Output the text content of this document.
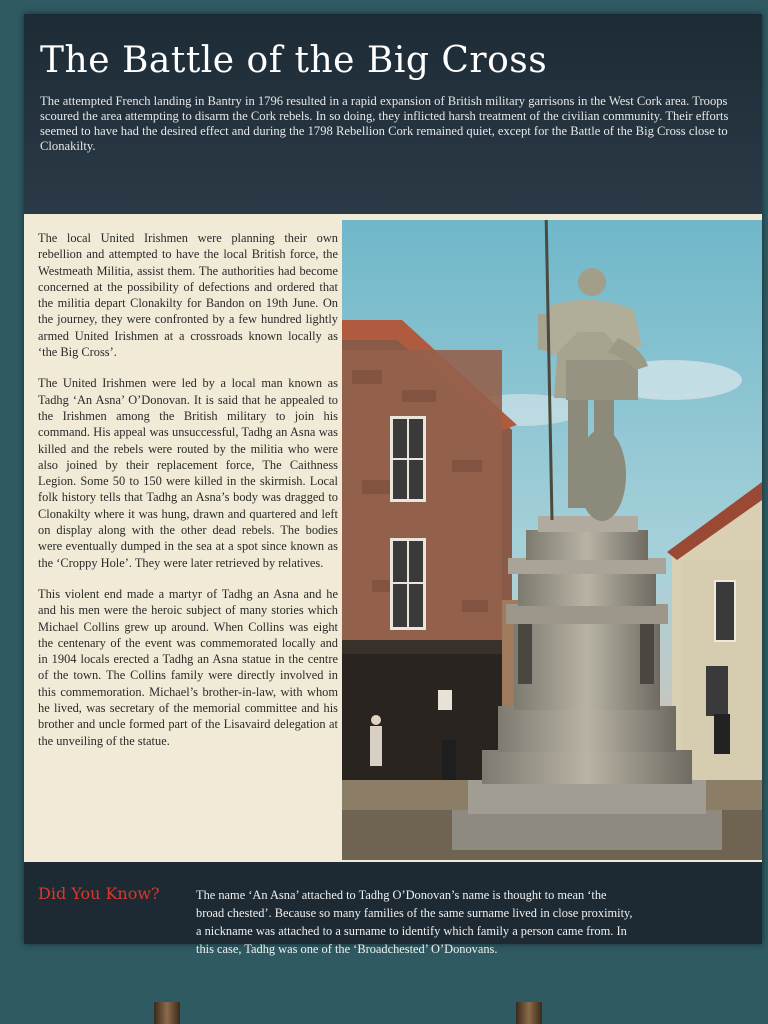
The Battle of the Big Cross

The attempted French landing in Bantry in 1796 resulted in a rapid expansion of British military garrisons in the West Cork area. Troops scoured the area attempting to disarm the Cork rebels. In so doing, they inflicted harsh treatment of the civilian community. Their efforts seemed to have had the desired effect and during the 1798 Rebellion Cork remained quiet, except for the Battle of the Big Cross close to Clonakilty.

The local United Irishmen were planning their own rebellion and attempted to have the local British force, the Westmeath Militia, assist them. The authorities had become concerned at the possibility of defections and ordered that the militia depart Clonakilty for Bandon on 19th June. On the journey, they were confronted by a few hundred lightly armed United Irishmen at a crossroads known locally as ‘the Big Cross’.

The United Irishmen were led by a local man known as Tadhg ‘An Asna’ O’Donovan. It is said that he appealed to the Irishmen among the British military to join his command. His appeal was unsuccessful, Tadhg an Asna was killed and the rebels were routed by the militia who were also joined by their replacement force, The Caithness Legion. Some 50 to 150 were killed in the skirmish. Local folk history tells that Tadhg an Asna’s body was dragged to Clonakilty where it was hung, drawn and quartered and left on display along with the other dead rebels. The bodies were eventually dumped in the sea at a spot since known as the ‘Croppy Hole’. They were later retrieved by relatives.

This violent end made a martyr of Tadhg an Asna and he and his men were the heroic subject of many stories which Michael Collins grew up around. When Collins was eight the centenary of the event was commemorated locally and in 1904 locals erected a Tadhg an Asna statue in the centre of the town. The Collins family were directly involved in this commemoration. Michael’s brother-in-law, with whom he lived, was secretary of the memorial committee and his brother and uncle formed part of the Lisavaird delegation at the unveiling of the statue.

Did You Know?	The name ‘An Asna’ attached to Tadhg O’Donovan’s name is thought to mean ‘the broad chested’. Because so many families of the same surname lived in close proximity, a nickname was attached to a surname to identify which family a person came from. In this case, Tadhg was one of the ‘Broadchested’ O’Donovans.
